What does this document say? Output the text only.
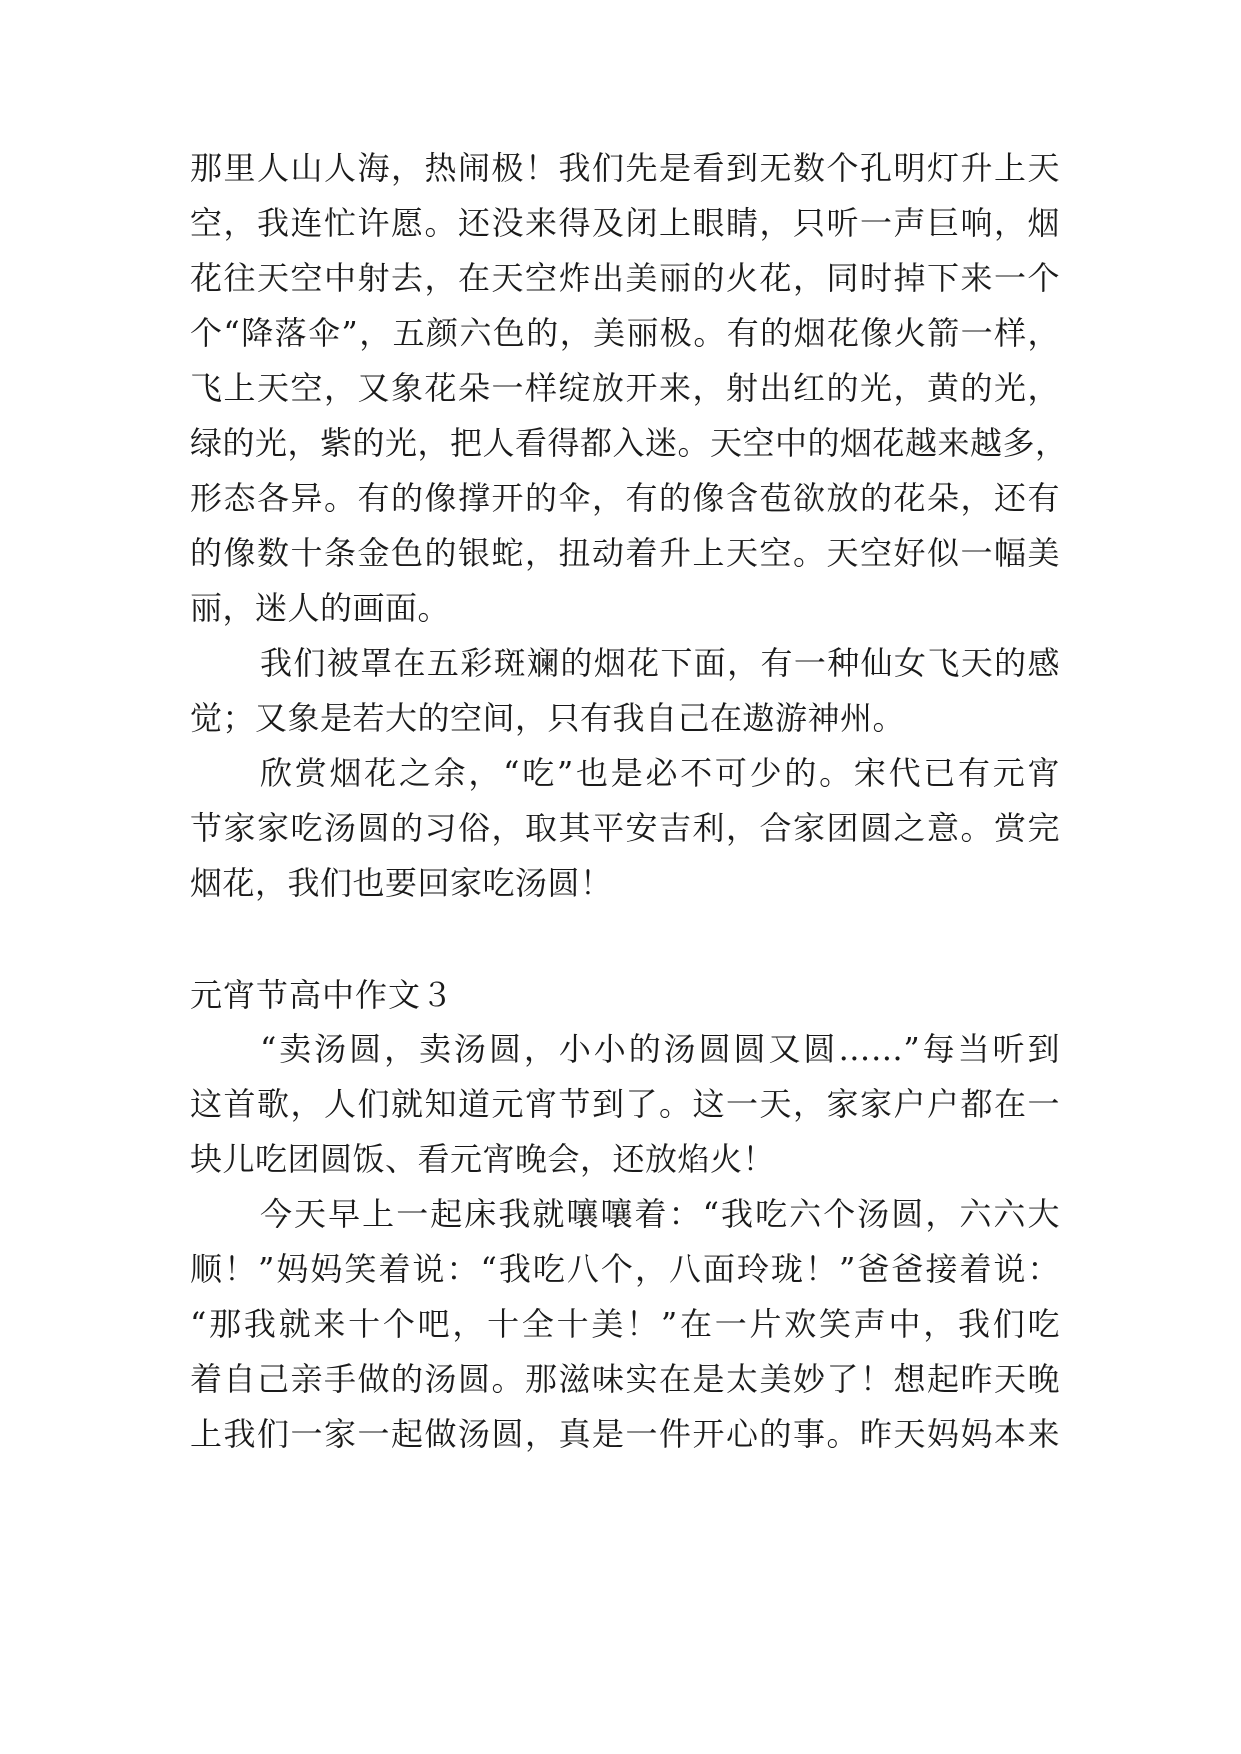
那里人山人海，热闹极！我们先是看到无数个孔明灯升上天
空，我连忙许愿。还没来得及闭上眼睛，只听一声巨响，烟
花往天空中射去，在天空炸出美丽的火花，同时掉下来一个
个“降落伞”，五颜六色的，美丽极。有的烟花像火箭一样，
飞上天空，又象花朵一样绽放开来，射出红的光，黄的光，
绿的光，紫的光，把人看得都入迷。天空中的烟花越来越多，
形态各异。有的像撑开的伞，有的像含苞欲放的花朵，还有
的像数十条金色的银蛇，扭动着升上天空。天空好似一幅美
丽，迷人的画面。
我们被罩在五彩斑斓的烟花下面，有一种仙女飞天的感
觉；又象是若大的空间，只有我自己在遨游神州。
欣赏烟花之余，“吃”也是必不可少的。宋代已有元宵
节家家吃汤圆的习俗，取其平安吉利，合家团圆之意。赏完
烟花，我们也要回家吃汤圆！
元宵节高中作文３
“卖汤圆，卖汤圆，小小的汤圆圆又圆……”每当听到
这首歌，人们就知道元宵节到了。这一天，家家户户都在一
块儿吃团圆饭、看元宵晚会，还放焰火！
今天早上一起床我就嚷嚷着：“我吃六个汤圆，六六大
顺！”妈妈笑着说：“我吃八个，八面玲珑！”爸爸接着说：
“那我就来十个吧，十全十美！”在一片欢笑声中，我们吃
着自己亲手做的汤圆。那滋味实在是太美妙了！想起昨天晚
上我们一家一起做汤圆，真是一件开心的事。昨天妈妈本来
